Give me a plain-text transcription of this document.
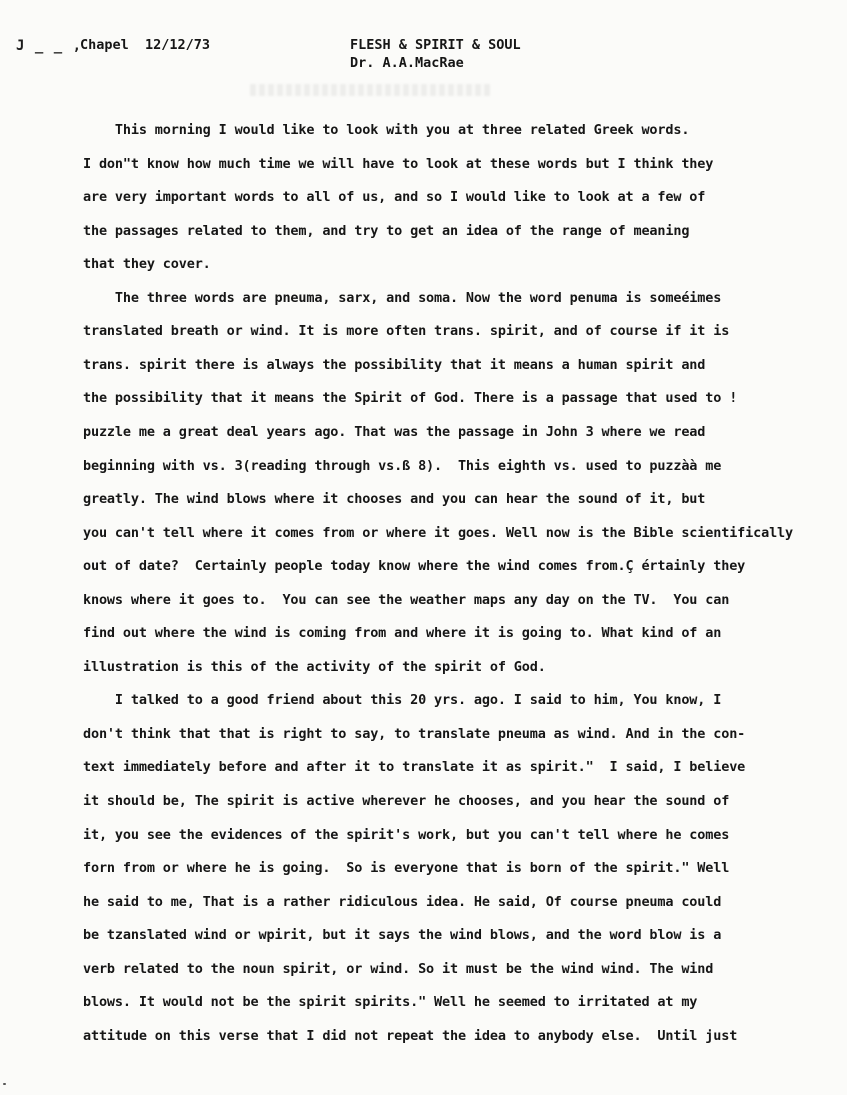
J _ _ ,
Chapel  12/12/73	FLESH & SPIRIT & SOUL
Dr. A.A.MacRae
This morning I would like to look with you at three related Greek words.
I don"t know how much time we will have to look at these words but I think they
are very important words to all of us, and so I would like to look at a few of
the passages related to them, and try to get an idea of the range of meaning
that they cover.
The three words are pneuma, sarx, and soma. Now the word penuma is someéimes
translated breath or wind. It is more often trans. spirit, and of course if it is
trans. spirit there is always the possibility that it means a human spirit and
the possibility that it means the Spirit of God. There is a passage that used to !
puzzle me a great deal years ago. That was the passage in John 3 where we read
beginning with vs. 3(reading through vs.ß 8).  This eighth vs. used to puzzàà me
greatly. The wind blows where it chooses and you can hear the sound of it, but
you can't tell where it comes from or where it goes. Well now is the Bible scientifically
out of date?  Certainly people today know where the wind comes from.Ç értainly they
knows where it goes to.  You can see the weather maps any day on the TV.  You can
find out where the wind is coming from and where it is going to. What kind of an
illustration is this of the activity of the spirit of God.
I talked to a good friend about this 20 yrs. ago. I said to him, You know, I
don't think that that is right to say, to translate pneuma as wind. And in the con-
text immediately before and after it to translate it as spirit."  I said, I believe
it should be, The spirit is active wherever he chooses, and you hear the sound of
it, you see the evidences of the spirit's work, but you can't tell where he comes
forn from or where he is going.  So is everyone that is born of the spirit." Well
he said to me, That is a rather ridiculous idea. He said, Of course pneuma could
be tzanslated wind or wpirit, but it says the wind blows, and the word blow is a
verb related to the noun spirit, or wind. So it must be the wind wind. The wind
blows. It would not be the spirit spirits." Well he seemed to irritated at my
attitude on this verse that I did not repeat the idea to anybody else.  Until just
